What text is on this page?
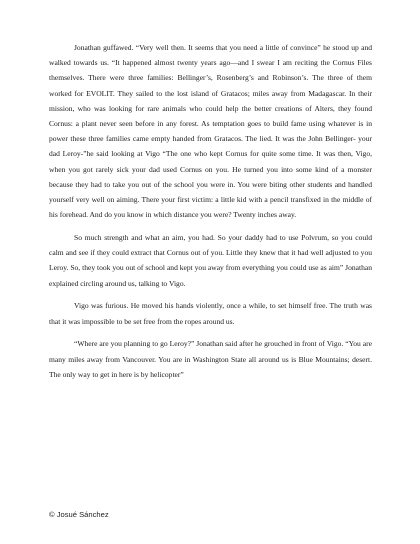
Jonathan guffawed. “Very well then. It seems that you need a little of convince” he stood up and walked towards us. “It happened almost twenty years ago—and I swear I am reciting the Cornus Files themselves. There were three families: Bellinger’s, Rosenberg’s and Robinson’s. The three of them worked for EVOLIT. They sailed to the lost island of Gratacos; miles away from Madagascar. In their mission, who was looking for rare animals who could help the better creations of Alters, they found Cornus: a plant never seen before in any forest. As temptation goes to build fame using whatever is in power these three families came empty handed from Gratacos. The lied. It was the John Bellinger- your dad Leroy-”he said looking at Vigo “The one who kept Cornus for quite some time. It was then, Vigo, when you got rarely sick your dad used Cornus on you. He turned you into some kind of a monster because they had to take you out of the school you were in. You were biting other students and handled yourself very well on aiming. There your first victim: a little kid with a pencil transfixed in the middle of his forehead. And do you know in which distance you were? Twenty inches away.

So much strength and what an aim, you had. So your daddy had to use Polvrum, so you could calm and see if they could extract that Cornus out of you. Little they knew that it had well adjusted to you Leroy. So, they took you out of school and kept you away from everything you could use as aim” Jonathan explained circling around us, talking to Vigo.

Vigo was furious. He moved his hands violently, once a while, to set himself free. The truth was that it was impossible to be set free from the ropes around us.

“Where are you planning to go Leroy?” Jonathan said after he grouched in front of Vigo. “You are many miles away from Vancouver. You are in Washington State all around us is Blue Mountains; desert. The only way to get in here is by helicopter”

© Josué Sánchez
